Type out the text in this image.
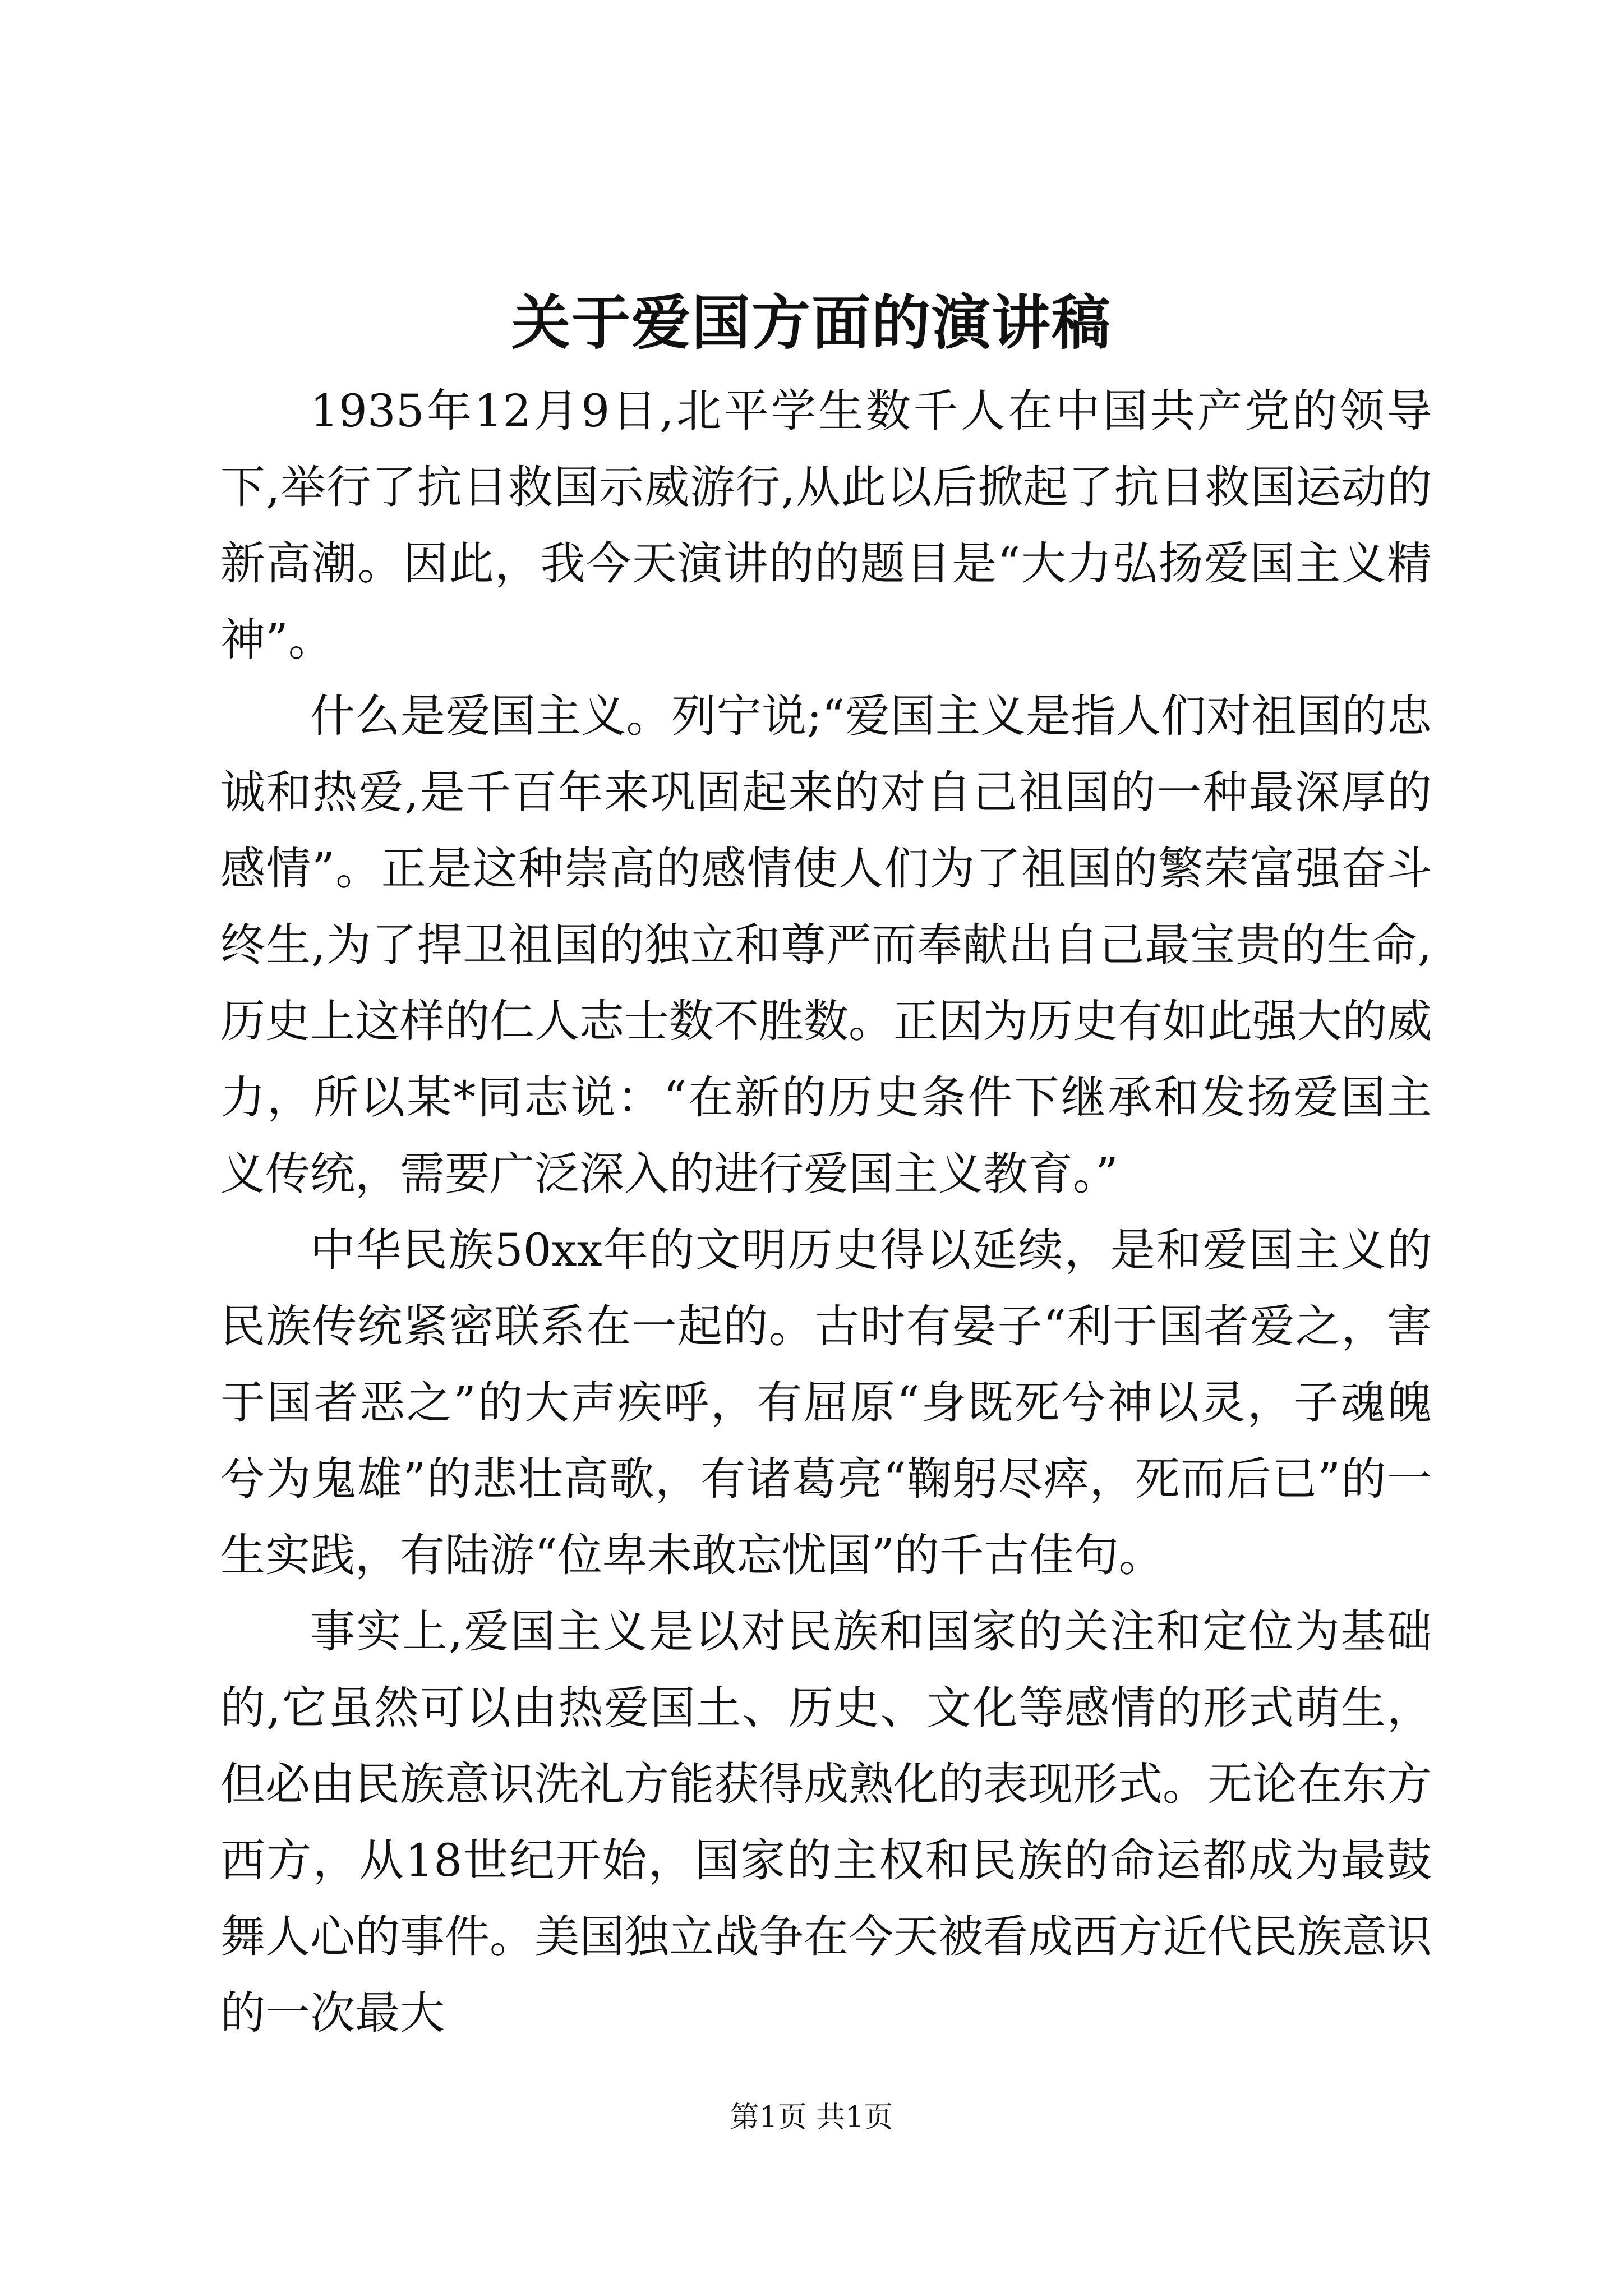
关于爱国方面的演讲稿

1935年12月9日,北平学生数千人在中国共产党的领导下,举行了抗日救国示威游行,从此以后掀起了抗日救国运动的新高潮。因此，我今天演讲的的题目是“大力弘扬爱国主义精神”。

什么是爱国主义。列宁说;“爱国主义是指人们对祖国的忠诚和热爱,是千百年来巩固起来的对自己祖国的一种最深厚的感情”。正是这种崇高的感情使人们为了祖国的繁荣富强奋斗终生,为了捍卫祖国的独立和尊严而奉献出自己最宝贵的生命,历史上这样的仁人志士数不胜数。正因为历史有如此强大的威力，所以某*同志说：“在新的历史条件下继承和发扬爱国主义传统，需要广泛深入的进行爱国主义教育。”

中华民族50xx年的文明历史得以延续，是和爱国主义的民族传统紧密联系在一起的。古时有晏子“利于国者爱之，害于国者恶之”的大声疾呼，有屈原“身既死兮神以灵，子魂魄兮为鬼雄”的悲壮高歌，有诸葛亮“鞠躬尽瘁，死而后已”的一生实践，有陆游“位卑未敢忘忧国”的千古佳句。

事实上,爱国主义是以对民族和国家的关注和定位为基础的,它虽然可以由热爱国土、历史、文化等感情的形式萌生，但必由民族意识洗礼方能获得成熟化的表现形式。无论在东方西方，从18世纪开始，国家的主权和民族的命运都成为最鼓舞人心的事件。美国独立战争在今天被看成西方近代民族意识的一次最大

第1页 共1页
